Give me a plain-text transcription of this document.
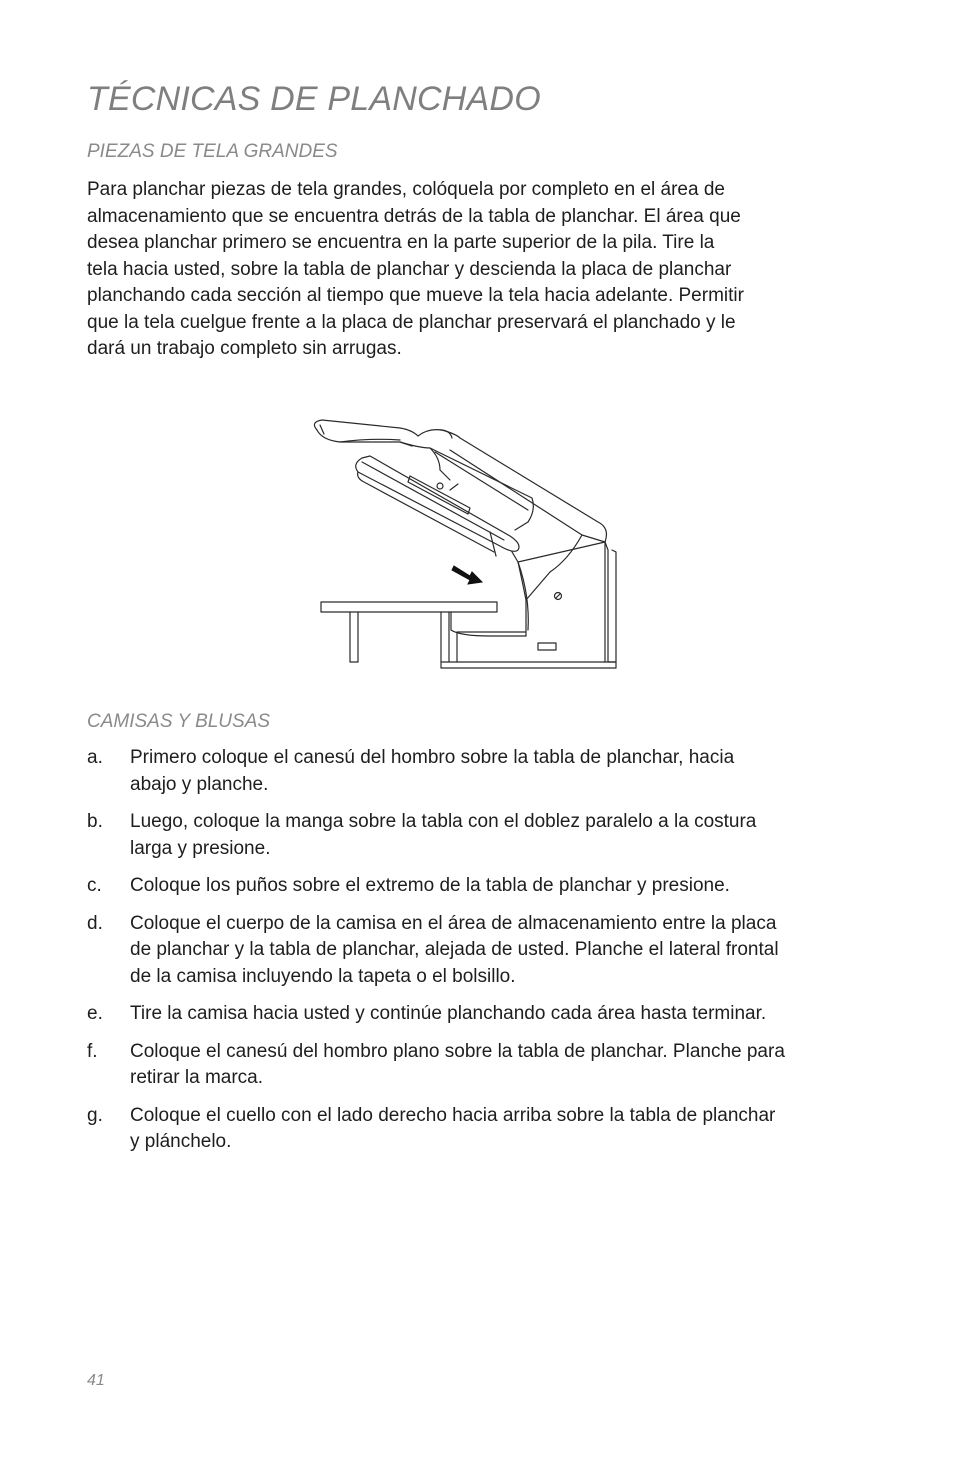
TÉCNICAS DE PLANCHADO
PIEZAS DE TELA GRANDES

Para planchar piezas de tela grandes, colóquela por completo en el área de
almacenamiento que se encuentra detrás de la tabla de planchar. El área que
desea planchar primero se encuentra en la parte superior de la pila. Tire la
tela hacia usted, sobre la tabla de planchar y descienda la placa de planchar
planchando cada sección al tiempo que mueve la tela hacia adelante. Permitir
que la tela cuelgue frente a la placa de planchar preservará el planchado y le
dará un trabajo completo sin arrugas.

CAMISAS Y BLUSAS
a. Primero coloque el canesú del hombro sobre la tabla de planchar, hacia
abajo y planche.
b. Luego, coloque la manga sobre la tabla con el doblez paralelo a la costura
larga y presione.
c. Coloque los puños sobre el extremo de la tabla de planchar y presione.
d. Coloque el cuerpo de la camisa en el área de almacenamiento entre la placa
de planchar y la tabla de planchar, alejada de usted. Planche el lateral frontal
de la camisa incluyendo la tapeta o el bolsillo.
e. Tire la camisa hacia usted y continúe planchando cada área hasta terminar.
f. Coloque el canesú del hombro plano sobre la tabla de planchar. Planche para
retirar la marca.
g. Coloque el cuello con el lado derecho hacia arriba sobre la tabla de planchar
y plánchelo.
41
